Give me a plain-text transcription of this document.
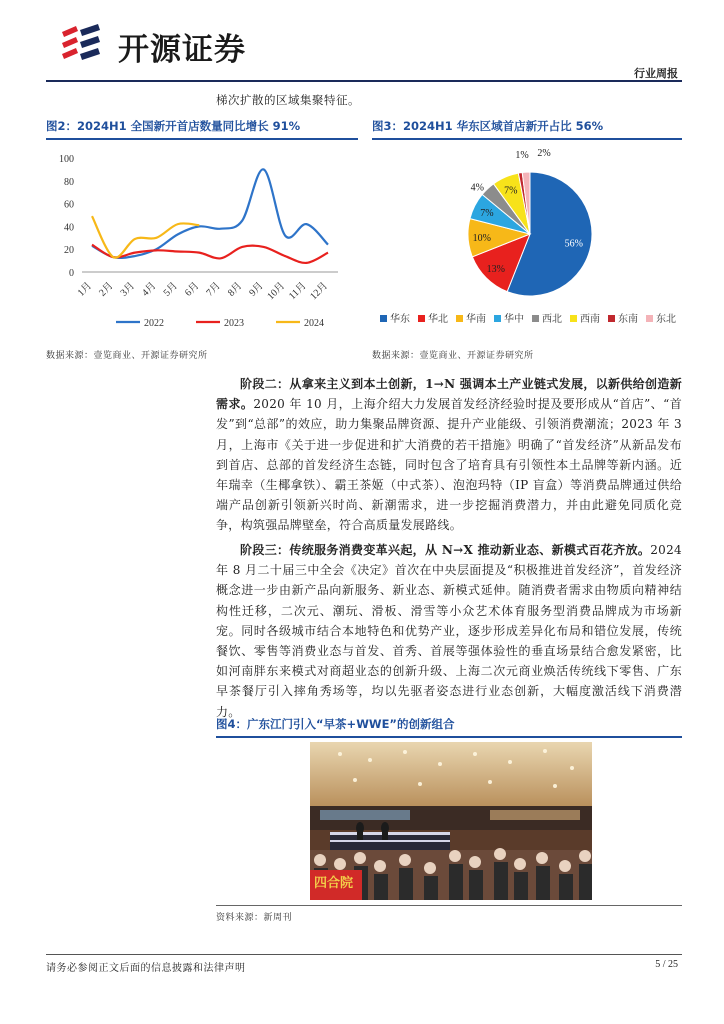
开源证券
行业周报
梯次扩散的区域集聚特征。
图2：2024H1 全国新开首店数量同比增长 91%
0
20
40
60
80
100
1月 2月 3月 4月 5月 6月 7月 8月 9月 10月 11月 12月
2022	2023	2024
数据来源：壹览商业、开源证券研究所
图3：2024H1 华东区域首店新开占比 56%
56%
13%
10%
7%
4% 7%
1% 2%
华东 华北 华南 华中 西北 西南 东南 东北
数据来源：壹览商业、开源证券研究所
阶段二：从拿来主义到本土创新，1→N 强调本土产业链式发展，以新供给创造新需求。2020 年 10 月，上海介绍大力发展首发经济经验时提及要形成从“首店”、“首发”到“总部”的效应，助力集聚品牌资源、提升产业能级、引领消费潮流；2023 年 3 月，上海市《关于进一步促进和扩大消费的若干措施》明确了“首发经济”从新品发布到首店、总部的首发经济生态链，同时包含了培育具有引领性本土品牌等新内涵。近年瑞幸（生椰拿铁）、霸王茶姬（中式茶）、泡泡玛特（IP 盲盒）等消费品牌通过供给端产品创新引领新兴时尚、新潮需求，进一步挖掘消费潜力，并由此避免同质化竞争，构筑强品牌壁垒，符合高质量发展路线。
阶段三：传统服务消费变革兴起，从 N→X 推动新业态、新模式百花齐放。2024 年 8 月二十届三中全会《决定》首次在中央层面提及“积极推进首发经济”，首发经济概念进一步由新产品向新服务、新业态、新模式延伸。随消费者需求由物质向精神结构性迁移，二次元、潮玩、滑板、滑雪等小众艺术体育服务型消费品牌成为市场新宠。同时各级城市结合本地特色和优势产业，逐步形成差异化布局和错位发展，传统餐饮、零售等消费业态与首发、首秀、首展等强体验性的垂直场景结合愈发紧密，比如河南胖东来模式对商超业态的创新升级、上海二次元商业焕活传统线下零售、广东早茶餐厅引入摔角秀场等，均以先驱者姿态进行业态创新，大幅度激活线下消费潜力。
图4：广东江门引入“早茶+WWE”的创新组合
四合院
资料来源：新周刊
请务必参阅正文后面的信息披露和法律声明	5 / 25
